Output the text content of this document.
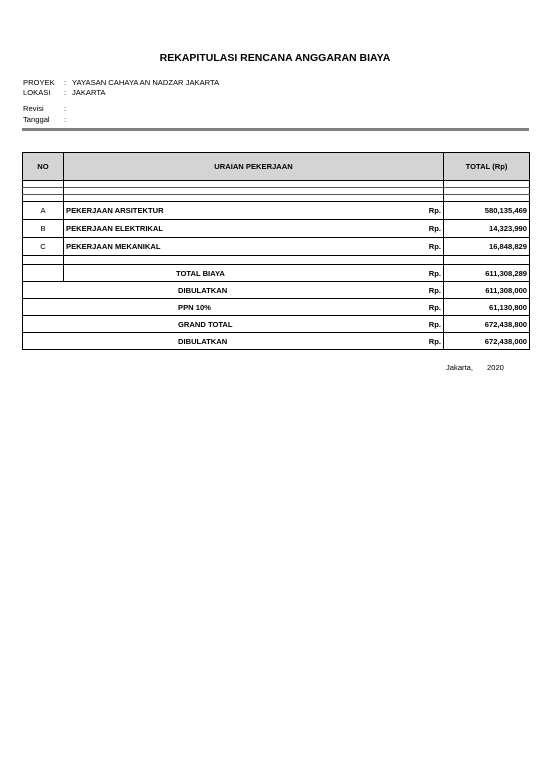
REKAPITULASI RENCANA ANGGARAN BIAYA
PROYEK : YAYASAN CAHAYA AN NADZAR JAKARTA
LOKASI : JAKARTA
Revisi	:
Tanggal :
NO	URAIAN PEKERJAAN		TOTAL (Rp)

A	PEKERJAAN ARSITEKTUR	Rp.	580,135,469
B	PEKERJAAN ELEKTRIKAL	Rp.	14,323,990
C	PEKERJAAN MEKANIKAL	Rp.	16,848,829

	TOTAL BIAYA	Rp.	611,308,289
DIBULATKAN		Rp.	611,308,000
PPN 10%		Rp.	61,130,800
GRAND TOTAL		Rp.	672,438,800
DIBULATKAN		Rp.	672,438,000
Jakarta, 2020
